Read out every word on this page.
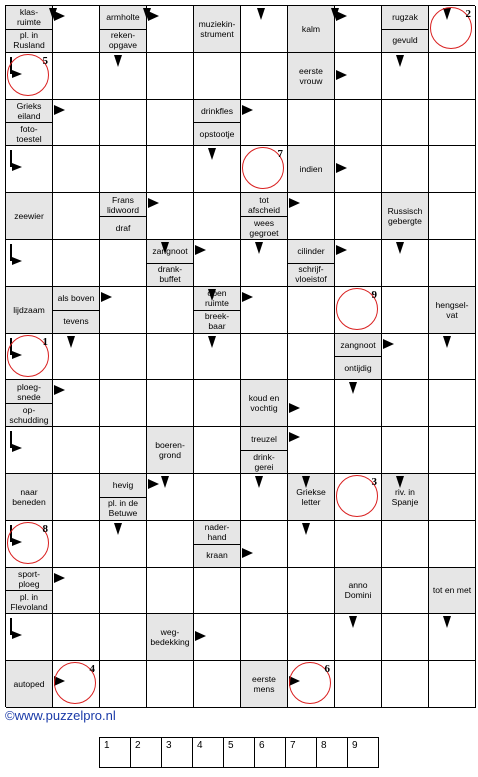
klas-
ruimte
pl. in
Rusland
armholte
reken-
opgave
muziekin-
strument	kalm
rugzak
gevuld
2
5
eerste
vrouw
Grieks
eiland
foto-
toestel
drinkfles
opstootje
7
indien
zeewier
Frans
lidwoord
draf
tot
afscheid
wees
gegroet
Russisch
gebergte
zangnoot
drank-
buffet
cilinder
schrijf-
vloeistof
lijdzaam
als boven
tevens
open
ruimte
breek-
baar
9
hengsel-
vat
1	zangnoot
ontijdig
ploeg-
snede
op-
schudding
koud en
vochtig
boeren-
grond
treuzel
drink-
gerei
naar
beneden
hevig
pl. in de
Betuwe
Griekse
letter
3
riv. in
Spanje
8	nader-
hand
kraan
sport-
ploeg
pl. in
Flevoland
anno
Domini	tot en met
weg-
bedekking
autoped
4
eerste
mens
6
©www.puzzelpro.nl
1	2	3	4	5	6	7	8	9
